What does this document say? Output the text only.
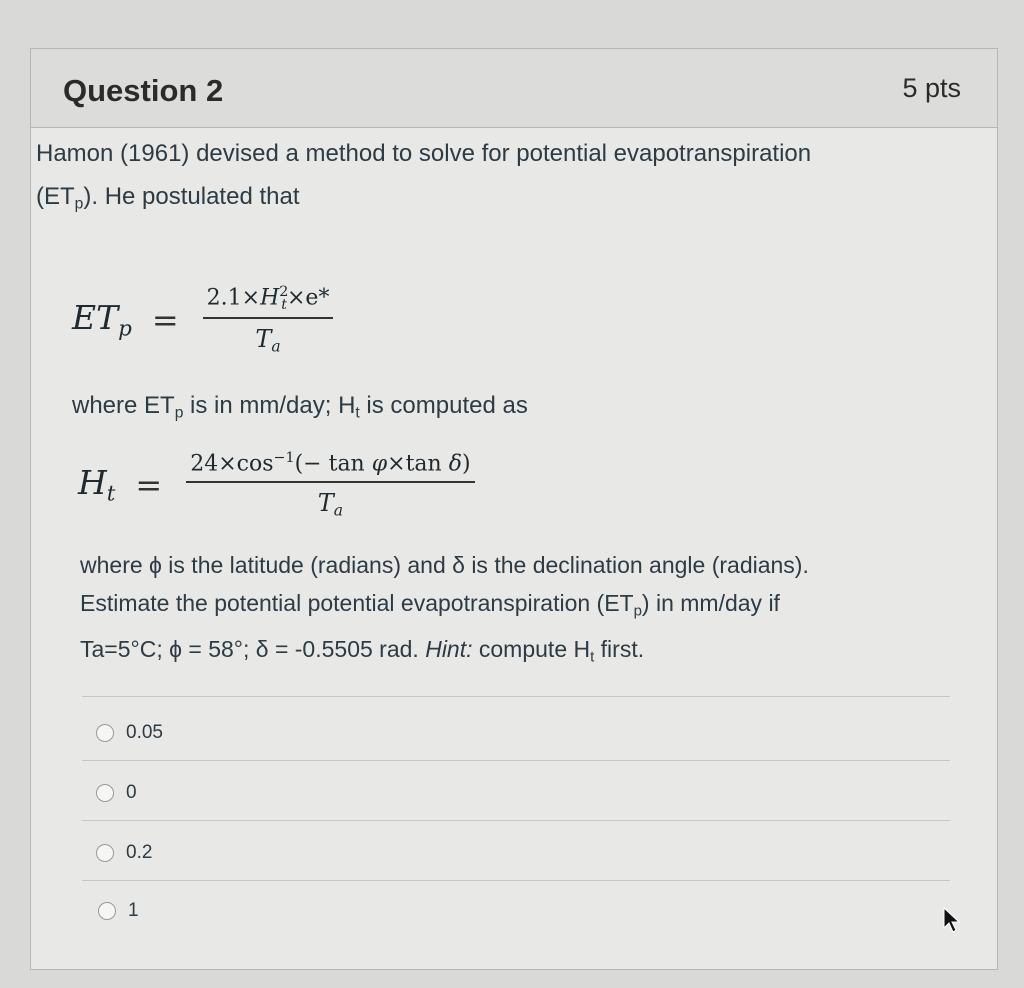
Question 2	5 pts
Hamon (1961) devised a method to solve for potential evapotranspiration
$(ET_p)$. He postulated that
$ET_p = \frac{2.1\times H^2_t\times e*}{T_a}$
where $ET_p$ is in mm/day; $H_t$ is computed as
$H_t = \frac{24\times\cos^{-1}(- \tan \varphi\times\tan \delta)}{T_a}$
where ϕ is the latitude (radians) and δ is the declination angle (radians).
Estimate the potential potential evapotranspiration $(ET_p)$ in mm/day if
Ta=5°C; ϕ = 58°; δ = -0.5505 rad. Hint: compute $H_t$ first.
0.05
0
0.2
1
